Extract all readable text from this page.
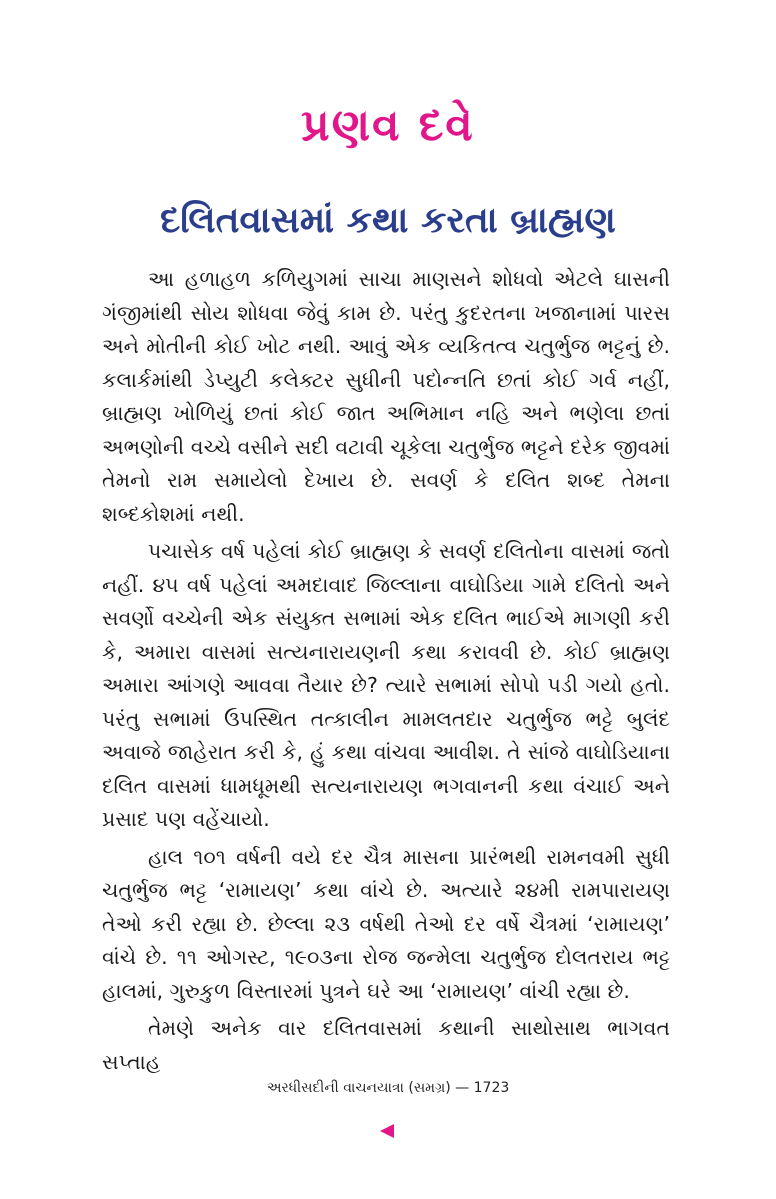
પ્રણવ દવે
દલિતવાસમાં કથા કરતા બ્રાહ્મણ

આ હળાહળ કળિયુગમાં સાચા માણસને શોધવો એટલે ઘાસની ગંજીમાંથી સોય શોધવા જેવું કામ છે. પરંતુ કુદરતના ખજાનામાં પારસ અને મોતીની કોઈ ખોટ નથી. આવું એક વ્યકિતત્વ ચતુર્ભુજ ભટ્ટનું છે. કલાર્કમાંથી ડેપ્યુટી કલેક્ટર સુધીની પદોન્નતિ છતાં કોઈ ગર્વ નહીં, બ્રાહ્મણ ખોળિયું છતાં કોઈ જાત અભિમાન નહિ અને ભણેલા છતાં અભણોની વચ્ચે વસીને સદી વટાવી ચૂકેલા ચતુર્ભુજ ભટ્ટને દરેક જીવમાં તેમનો રામ સમાયેલો દેખાય છે. સવર્ણ કે દલિત શબ્દ તેમના શબ્દકોશમાં નથી.

પચાસેક વર્ષ પહેલાં કોઈ બ્રાહ્મણ કે સવર્ણ દલિતોના વાસમાં જતો નહીં. ૪૫ વર્ષ પહેલાં અમદાવાદ જિલ્લાના વાઘોડિયા ગામે દલિતો અને સવર્ણો વચ્ચેની એક સંયુક્ત સભામાં એક દલિત ભાઈએ માગણી કરી કે, અમારા વાસમાં સત્યનારાયણની કથા કરાવવી છે. કોઈ બ્રાહ્મણ અમારા આંગણે આવવા તૈયાર છે? ત્યારે સભામાં સોપો પડી ગયો હતો. પરંતુ સભામાં ઉપસ્થિત તત્કાલીન મામલતદાર ચતુર્ભુજ ભટ્ટે બુલંદ અવાજે જાહેરાત કરી કે, હું કથા વાંચવા આવીશ. તે સાંજે વાઘોડિયાના દલિત વાસમાં ધામધૂમથી સત્યનારાયણ ભગવાનની કથા વંચાઈ અને પ્રસાદ પણ વહેંચાયો.

હાલ ૧૦૧ વર્ષની વયે દર ચૈત્ર માસના પ્રારંભથી રામનવમી સુધી ચતુર્ભુજ ભટ્ટ ‘રામાયણ’ કથા વાંચે છે. અત્યારે ૨૪મી રામપારાયણ તેઓ કરી રહ્યા છે. છેલ્લા ૨૩ વર્ષથી તેઓ દર વર્ષે ચૈત્રમાં ‘રામાયણ’ વાંચે છે. ૧૧ ઓગસ્ટ, ૧૯૦૩ના રોજ જન્મેલા ચતુર્ભુજ દોલતરાય ભટ્ટ હાલમાં, ગુરુકુળ વિસ્તારમાં પુત્રને ઘરે આ ‘રામાયણ’ વાંચી રહ્યા છે.

તેમણે અનેક વાર દલિતવાસમાં કથાની સાથોસાથ ભાગવત સપ્તાહ

અરધીસદીની વાચનયાત્રા (સમગ્ર) — 1723
